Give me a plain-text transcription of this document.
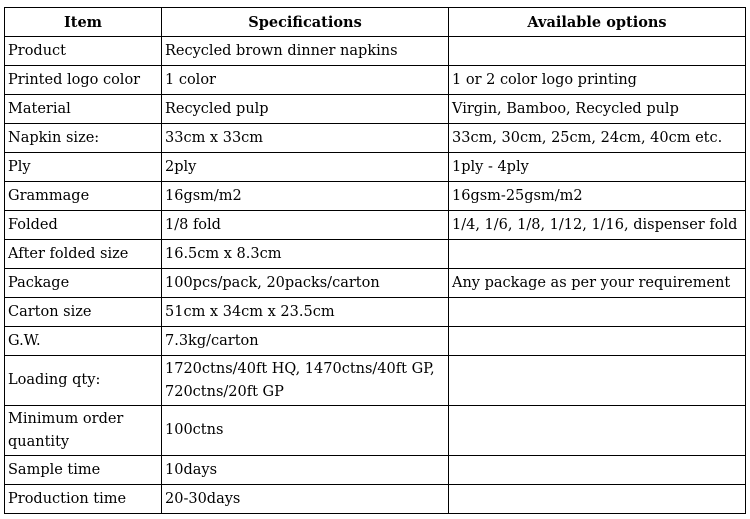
Item	Specifications	Available options
Product	Recycled brown dinner napkins	
Printed logo color	1 color	1 or 2 color logo printing
Material	Recycled pulp	Virgin, Bamboo, Recycled pulp
Napkin size:	33cm x 33cm	33cm, 30cm, 25cm, 24cm, 40cm etc.
Ply	2ply	1ply - 4ply
Grammage	16gsm/m2	16gsm-25gsm/m2
Folded	1/8 fold	1/4, 1/6, 1/8, 1/12, 1/16, dispenser fold
After folded size	16.5cm x 8.3cm	
Package	100pcs/pack, 20packs/carton	Any package as per your requirement
Carton size	51cm x 34cm x 23.5cm	
G.W.	7.3kg/carton	
Loading qty:	1720ctns/40ft HQ, 1470ctns/40ft GP, 720ctns/20ft GP	
Minimum order quantity	100ctns	
Sample time	10days	
Production time	20-30days	
